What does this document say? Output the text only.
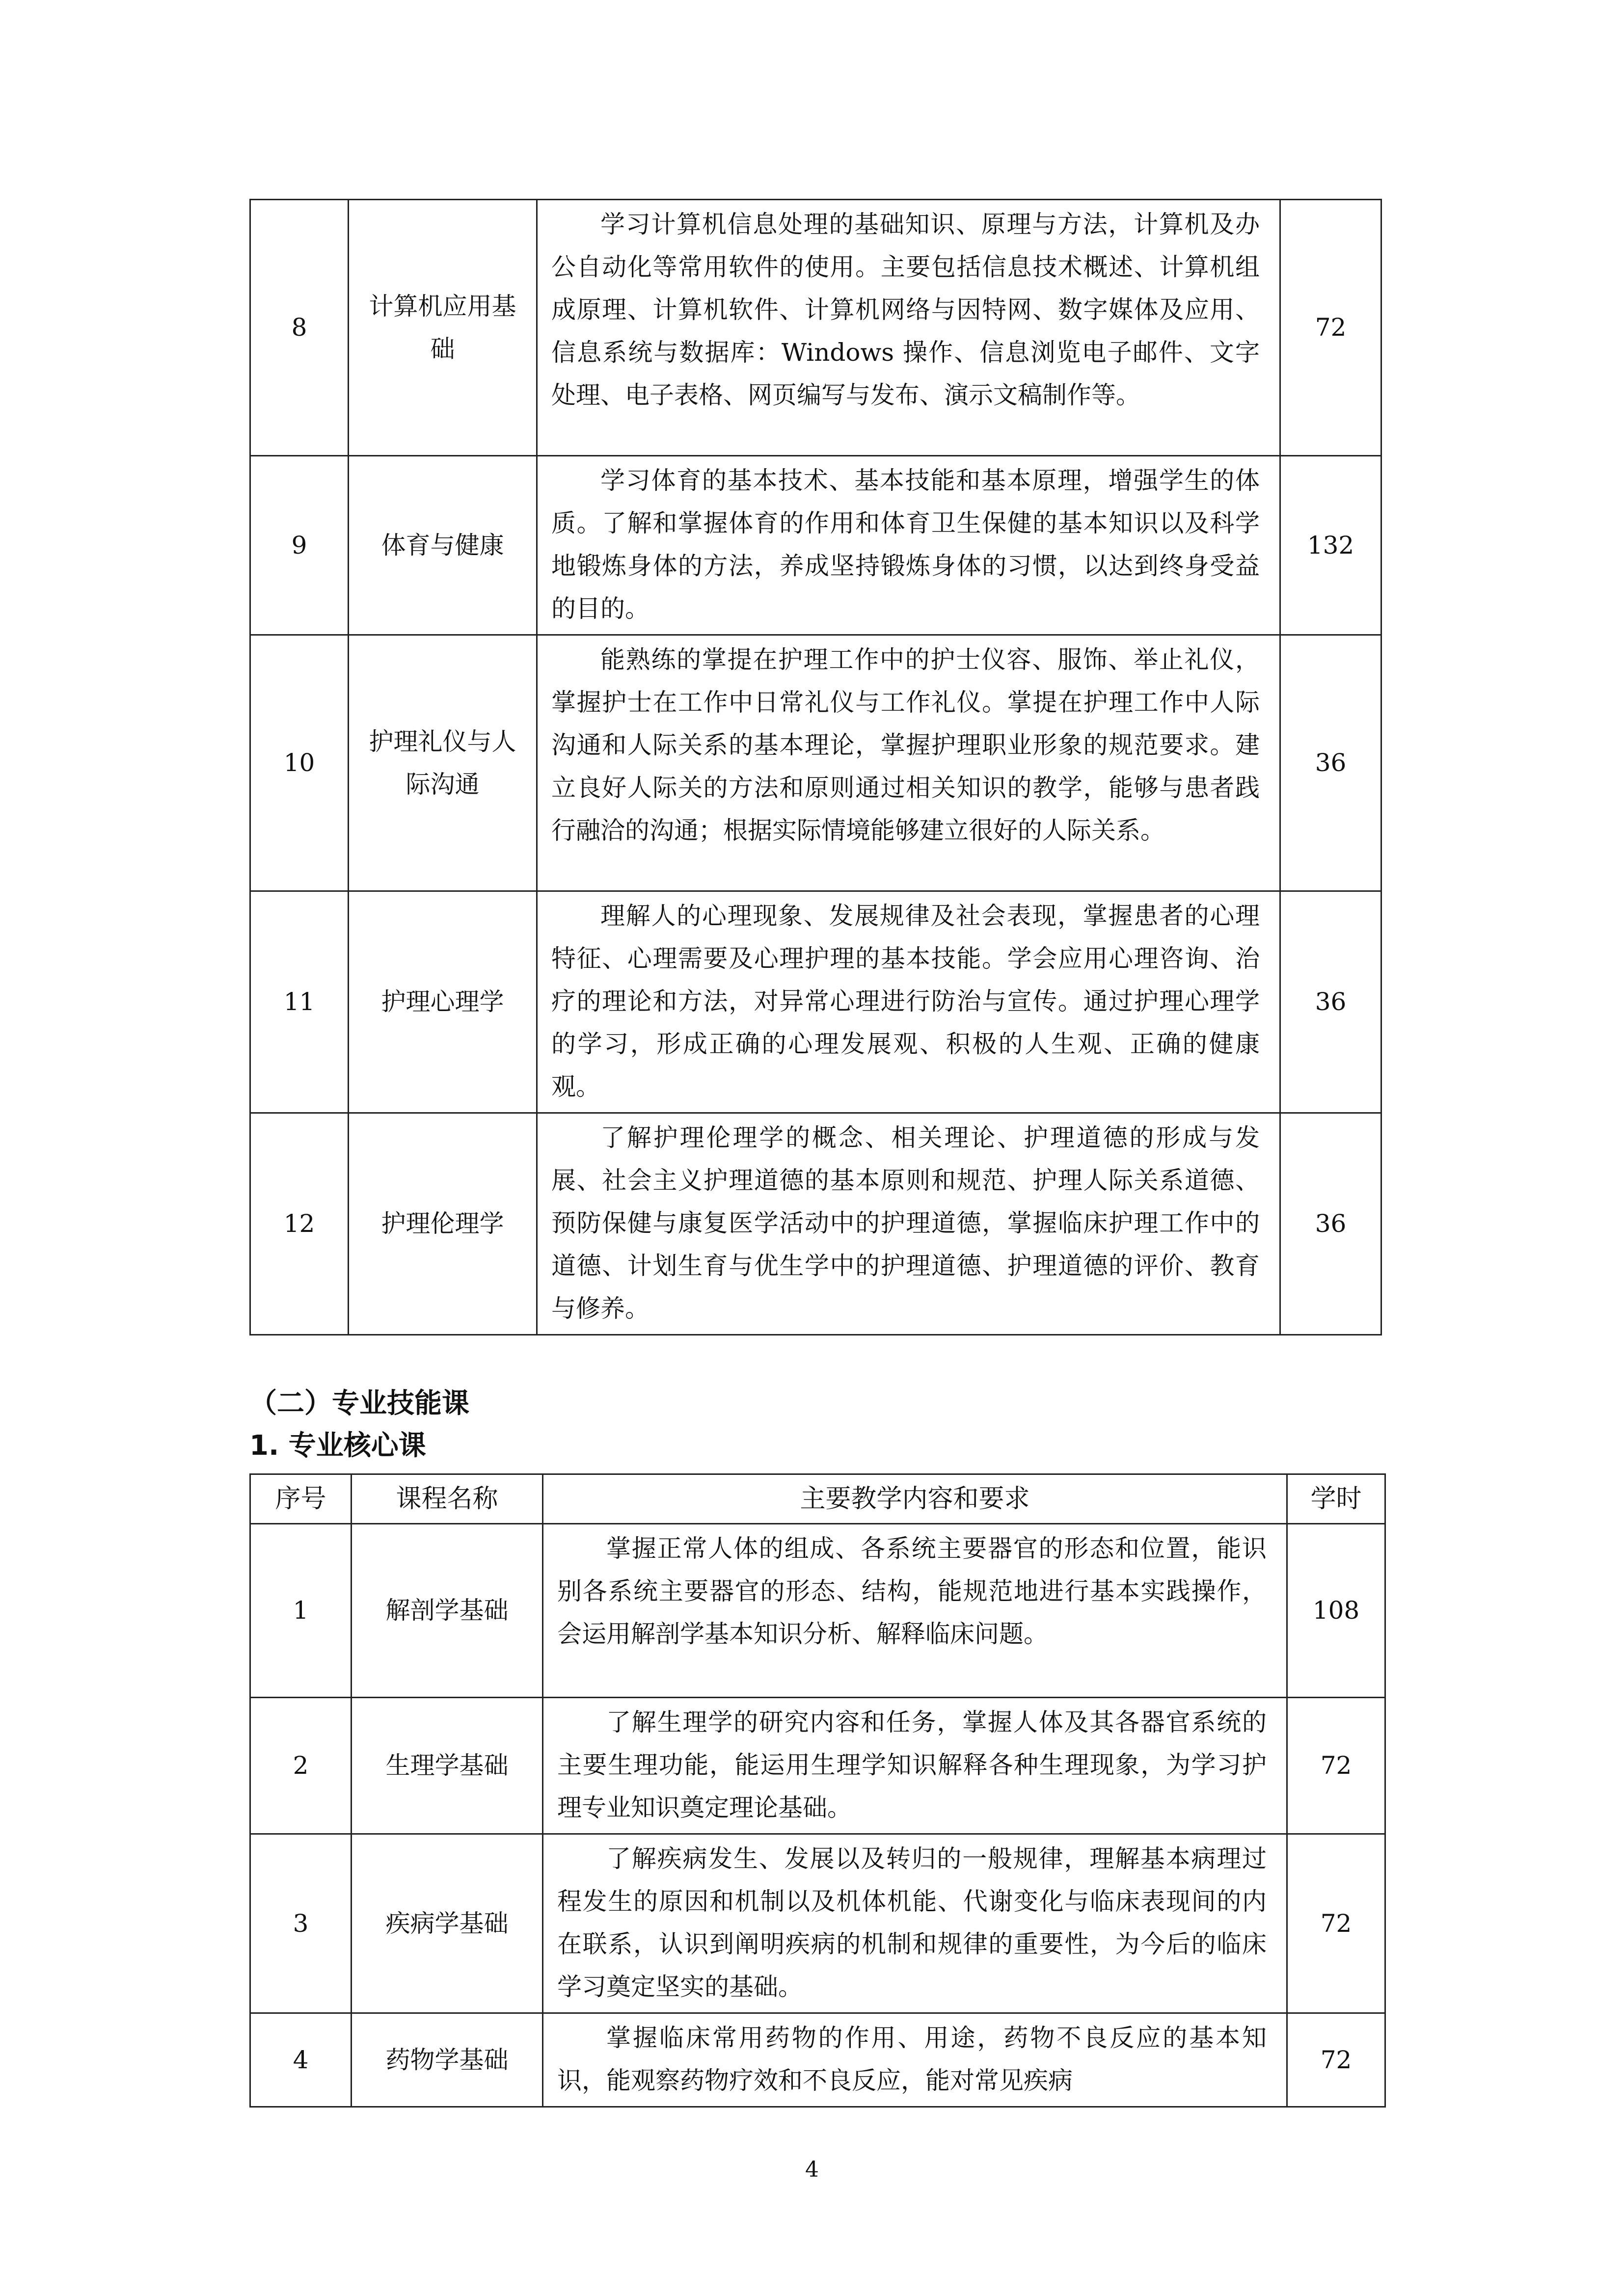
8	计算机应用基础	学习计算机信息处理的基础知识、原理与方法，计算机及办公自动化等常用软件的使用。主要包括信息技术概述、计算机组成原理、计算机软件、计算机网络与因特网、数字媒体及应用、信息系统与数据库：Windows 操作、信息浏览电子邮件、文字处理、电子表格、网页编写与发布、演示文稿制作等。	72
9	体育与健康	学习体育的基本技术、基本技能和基本原理，增强学生的体质。了解和掌握体育的作用和体育卫生保健的基本知识以及科学地锻炼身体的方法，养成坚持锻炼身体的习惯，以达到终身受益的目的。	132
10	护理礼仪与人际沟通	能熟练的掌提在护理工作中的护士仪容、服饰、举止礼仪，掌握护士在工作中日常礼仪与工作礼仪。掌提在护理工作中人际沟通和人际关系的基本理论，掌握护理职业形象的规范要求。建立良好人际关的方法和原则通过相关知识的教学，能够与患者践行融洽的沟通；根据实际情境能够建立很好的人际关系。	36
11	护理心理学	理解人的心理现象、发展规律及社会表现，掌握患者的心理特征、心理需要及心理护理的基本技能。学会应用心理咨询、治疗的理论和方法，对异常心理进行防治与宣传。通过护理心理学的学习，形成正确的心理发展观、积极的人生观、正确的健康观。	36
12	护理伦理学	了解护理伦理学的概念、相关理论、护理道德的形成与发展、社会主义护理道德的基本原则和规范、护理人际关系道德、预防保健与康复医学活动中的护理道德，掌握临床护理工作中的道德、计划生育与优生学中的护理道德、护理道德的评价、教育与修养。	36
（二）专业技能课
1. 专业核心课
序号	课程名称	主要教学内容和要求	学时
1	解剖学基础	掌握正常人体的组成、各系统主要器官的形态和位置，能识别各系统主要器官的形态、结构，能规范地进行基本实践操作，会运用解剖学基本知识分析、解释临床问题。	108
2	生理学基础	了解生理学的研究内容和任务，掌握人体及其各器官系统的主要生理功能，能运用生理学知识解释各种生理现象，为学习护理专业知识奠定理论基础。	72
3	疾病学基础	了解疾病发生、发展以及转归的一般规律，理解基本病理过程发生的原因和机制以及机体机能、代谢变化与临床表现间的内在联系，认识到阐明疾病的机制和规律的重要性，为今后的临床学习奠定坚实的基础。	72
4	药物学基础	掌握临床常用药物的作用、用途，药物不良反应的基本知识，能观察药物疗效和不良反应，能对常见疾病	72
4
